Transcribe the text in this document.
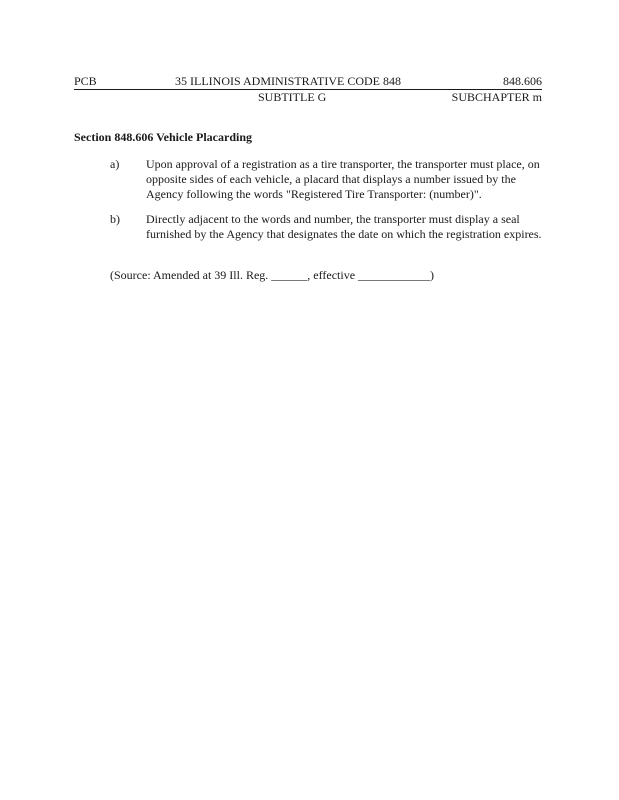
PCB	35 ILLINOIS ADMINISTRATIVE CODE 848	848.606
SUBTITLE G	SUBCHAPTER m
Section 848.606 Vehicle Placarding
a) Upon approval of a registration as a tire transporter, the transporter must place, on opposite sides of each vehicle, a placard that displays a number issued by the Agency following the words "Registered Tire Transporter: (number)".
b) Directly adjacent to the words and number, the transporter must display a seal furnished by the Agency that designates the date on which the registration expires.
(Source: Amended at 39 Ill. Reg. ______, effective ____________)
